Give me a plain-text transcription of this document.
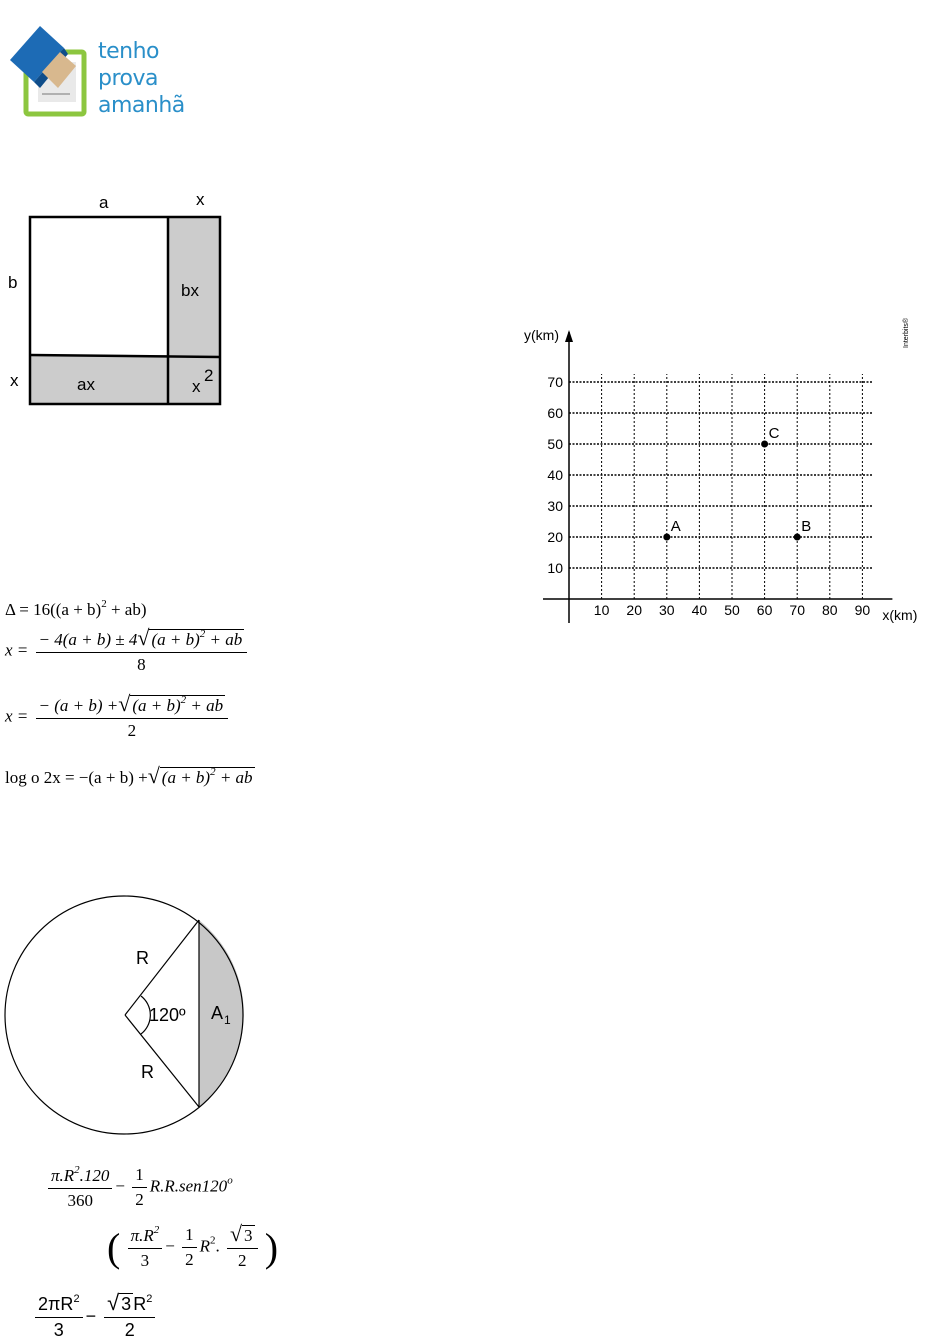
tenho
prova
amanhã
a	x
b
x
bx
ax	x
2
$\Delta = 16((a + b)^2 + ab)$
$x = \frac{- 4(a + b) \pm 4√ (a + b)^2 + ab}{8}$
$x = \frac{- (a + b) +√ (a + b)^2 + ab}{2}$
log o 2x = −(a + b) +√ $(a + b)^2$ + ab
R
R
120º A 1
$\frac{\pi.R^2.120}{360} - \frac{1}{2} R.R.sen120^o$
( $\frac{\pi.R^2}{3} - \frac{1}{2} R^2$. $\frac{√ 3}{2}$ )
$\frac{2\pi R^2}{3} - \frac{√ 3 R^2}{2}$
10 20 30 40 50 60 70 80 90
10
20
30
40
50
60
70
y(km)
x(km)
A	B
C
Interbits®
